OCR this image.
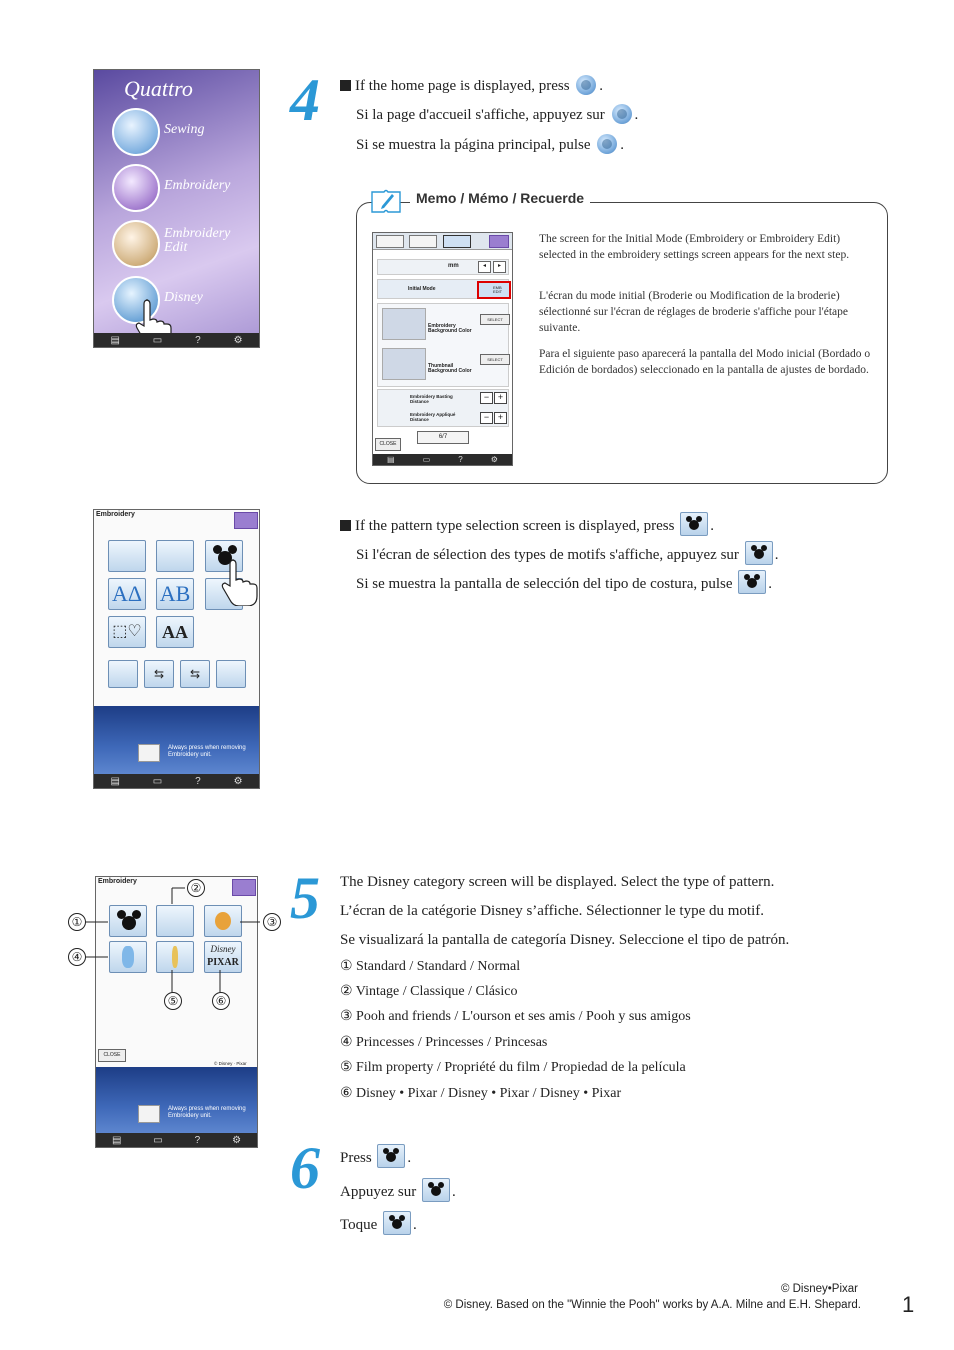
4	If the home page is displayed, press .
Si la page d'accueil s'affiche, appuyez sur .
Si se muestra la página principal, pulse .
Quattro
Sewing
Embroidery
Embroidery Edit
Disney
▤	▭	?	⚙
Memo / Mémo / Recuerde
mm	◂	▸
Initial Mode	EMB EDIT
Embroidery Background Color
SELECT
Thumbnail Background Color
SELECT
Embroidery Basting Distance	− +
Embroidery Appliqué Distance	− +
6/7
CLOSE
▤	▭	?	⚙
The screen for the Initial Mode (Embroidery or Embroidery Edit) selected in the embroidery settings screen appears for the next step.
L'écran du mode initial (Broderie ou Modification de la broderie) sélectionné sur l'écran de réglages de broderie s'affiche pour l'étape suivante.
Para el siguiente paso aparecerá la pantalla del Modo inicial (Bordado o Edición de bordados) seleccionado en la pantalla de ajustes de bordado.
If the pattern type selection screen is displayed, press .
Si l'écran de sélection des types de motifs s'affiche, appuyez sur .
Si se muestra la pantalla de selección del tipo de costura, pulse .
Embroidery
ΑΔ AB
⬚♡	AA
⇆	⇆
Always press when removing Embroidery unit.
▤	▭	?	⚙
5 The Disney category screen will be displayed. Select the type of pattern.
L’écran de la catégorie Disney s’affiche. Sélectionner le type du motif.
Se visualizará la pantalla de categoría Disney. Seleccione el tipo de patrón.
① Standard / Standard / Normal
② Vintage / Classique / Clásico
③ Pooh and friends / L'ourson et ses amis / Pooh y sus amigos
④ Princesses / Princesses / Princesas
⑤ Film property / Propriété du film / Propiedad de la película
⑥ Disney • Pixar / Disney • Pixar / Disney • Pixar
Embroidery
Disney
PIXAR
CLOSE
© Disney · Pixar
Always press when removing Embroidery unit.
▤	▭	?	⚙
①
②
③
④
⑤	⑥
6 Press .
Appuyez sur .
Toque .
© Disney•Pixar
© Disney. Based on the "Winnie the Pooh" works by A.A. Milne and E.H. Shepard. 1
